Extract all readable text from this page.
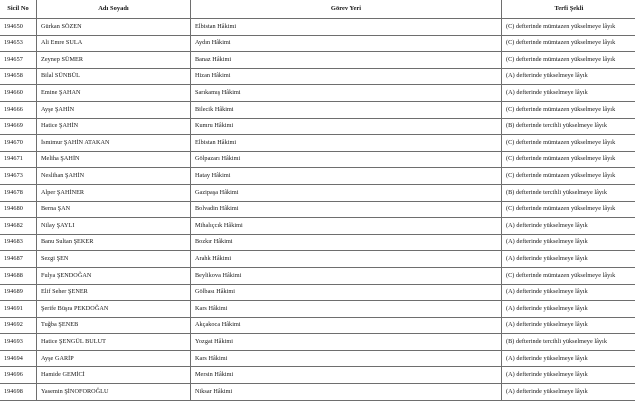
Sicil No	Adı Soyadı	Görev Yeri	Terfi Şekli
194650	Gürkan SÖZEN	Elbistan Hâkimi	(C) defterinde mümtazen yükselmeye lâyık
194653	Ali Emre SULA	Aydın Hâkimi	(C) defterinde mümtazen yükselmeye lâyık
194657	Zeynep SÜMER	Banaz Hâkimi	(C) defterinde mümtazen yükselmeye lâyık
194658	Bilal SÜNBÜL	Hizan Hâkimi	(A) defterinde yükselmeye lâyık
194660	Emine ŞAHAN	Sarıkamış Hâkimi	(A) defterinde yükselmeye lâyık
194666	Ayşe ŞAHİN	Bilecik Hâkimi	(C) defterinde mümtazen yükselmeye lâyık
194669	Hatice ŞAHİN	Kumru Hâkimi	(B) defterinde tercihli yükselmeye lâyık
194670	İsmimur ŞAHİN ATAKAN	Elbistan Hâkimi	(C) defterinde mümtazen yükselmeye lâyık
194671	Meliha ŞAHİN	Gölpazarı Hâkimi	(C) defterinde mümtazen yükselmeye lâyık
194673	Neslihan ŞAHİN	Hatay Hâkimi	(C) defterinde mümtazen yükselmeye lâyık
194678	Alper ŞAHİNER	Gazipaşa Hâkimi	(B) defterinde tercihli yükselmeye lâyık
194680	Berna ŞAN	Bolvadin Hâkimi	(C) defterinde mümtazen yükselmeye lâyık
194682	Nilay ŞAYLI	Mihalıçcık Hâkimi	(A) defterinde yükselmeye lâyık
194683	Banu Sultan ŞEKER	Bozkır Hâkimi	(A) defterinde yükselmeye lâyık
194687	Sezgi ŞEN	Arahk Hâkimi	(A) defterinde yükselmeye lâyık
194688	Fulya ŞENDOĞAN	Beylikova Hâkimi	(C) defterinde mümtazen yükselmeye lâyık
194689	Elif Seher ŞENER	Gölbası Hâkimi	(A) defterinde yükselmeye lâyık
194691	Şerife Büşra PEKDOĞAN	Kars Hâkimi	(A) defterinde yükselmeye lâyık
194692	Tuğba ŞENEB	Akçakoca Hâkimi	(A) defterinde yükselmeye lâyık
194693	Hatice ŞENGÜL BULUT	Yozgat Hâkimi	(B) defterinde tercihli yükselmeye lâyık
194694	Ayşe GARİP	Kars Hâkimi	(A) defterinde yükselmeye lâyık
194696	Hamide GEMİCİ	Mersin Hâkimi	(A) defterinde yükselmeye lâyık
194698	Yasemin ŞİNOFOROĞLU	Niksar Hâkimi	(A) defterinde yükselmeye lâyık
